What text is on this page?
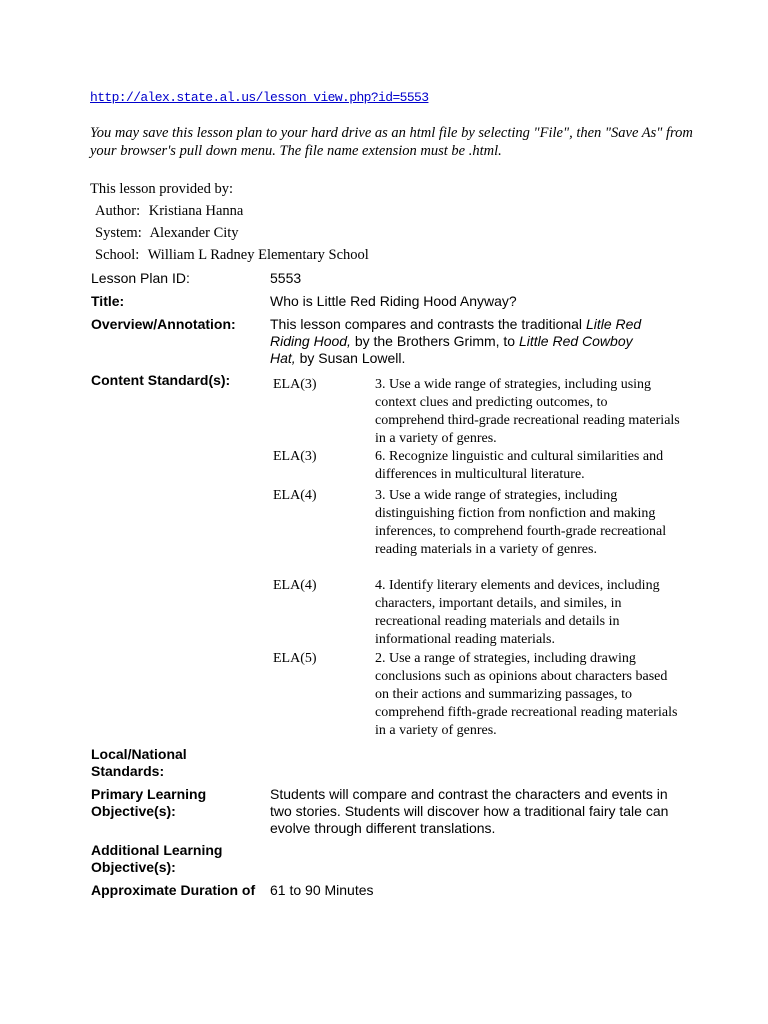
http://alex.state.al.us/lesson_view.php?id=5553
You may save this lesson plan to your hard drive as an html file by selecting "File", then "Save As" from your browser's pull down menu. The file name extension must be .html.
This lesson provided by:
Author: Kristiana Hanna
System: Alexander City
School: William L Radney Elementary School
Lesson Plan ID:	5553
Title:	Who is Little Red Riding Hood Anyway?
Overview/Annotation: This lesson compares and contrasts the traditional Litle Red Riding Hood, by the Brothers Grimm, to Little Red Cowboy Hat, by Susan Lowell.
Content Standard(s):	ELA(3)	3. Use a wide range of strategies, including using context clues and predicting outcomes, to comprehend third-grade recreational reading materials in a variety of genres.
ELA(3)	6. Recognize linguistic and cultural similarities and differences in multicultural literature.
ELA(4)	3. Use a wide range of strategies, including distinguishing fiction from nonfiction and making inferences, to comprehend fourth-grade recreational reading materials in a variety of genres.
ELA(4)	4. Identify literary elements and devices, including characters, important details, and similes, in recreational reading materials and details in informational reading materials.
ELA(5)	2. Use a range of strategies, including drawing conclusions such as opinions about characters based on their actions and summarizing passages, to comprehend fifth-grade recreational reading materials in a variety of genres.
Local/National Standards:
Primary Learning Objective(s):
Students will compare and contrast the characters and events in two stories. Students will discover how a traditional fairy tale can evolve through different translations.
Additional Learning Objective(s):
Approximate Duration of 61 to 90 Minutes
